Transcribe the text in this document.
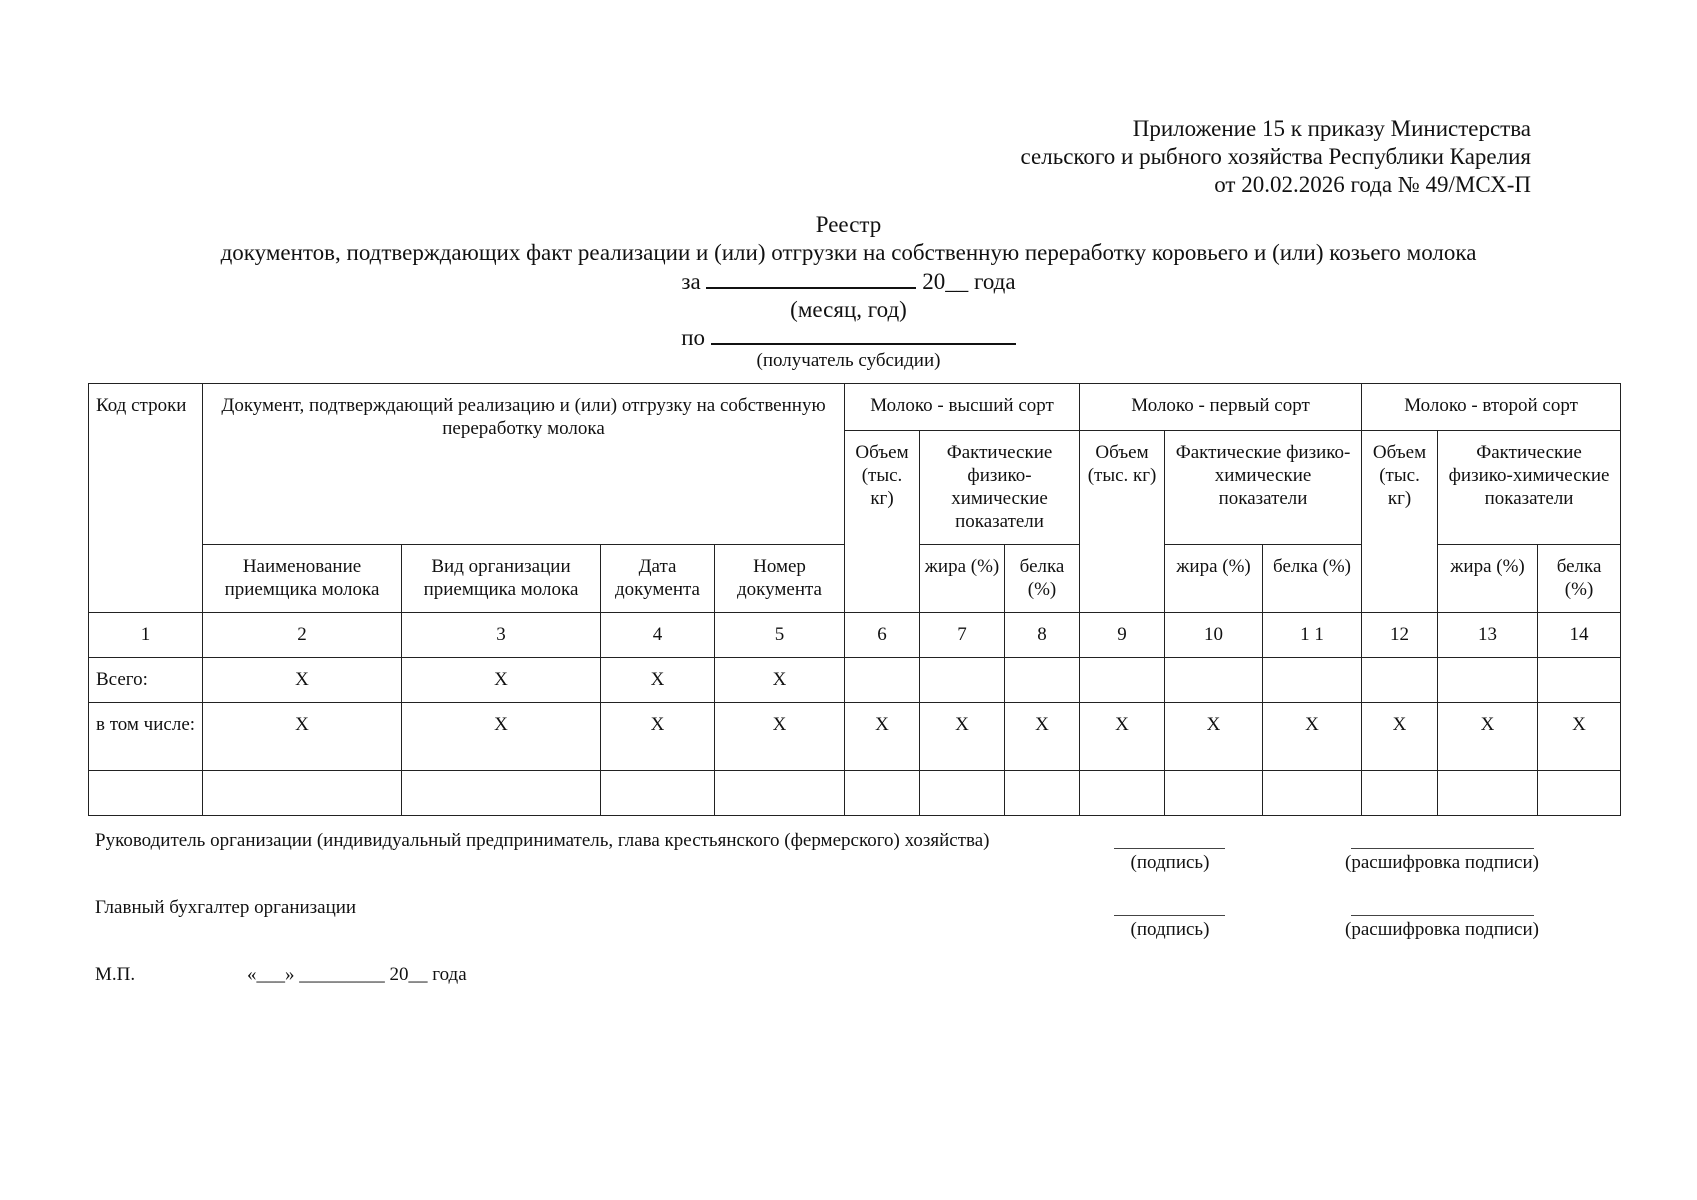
Приложение 15 к приказу Министерства
сельского и рыбного хозяйства Республики Карелия
от 20.02.2026 года № 49/МСХ-П
Реестр
документов, подтверждающих факт реализации и (или) отгрузки на собственную переработку коровьего и (или) козьего молока
за	20__ года
(месяц, год)
по
(получатель субсидии)
Код строки	Документ, подтверждающий реализацию и (или) отгрузку на собственную переработку молока				Молоко - высший сорт			Молоко - первый сорт			Молоко - второй сорт		
					Объем (тыс. кг)	Фактические физико-химические показатели		Объем (тыс. кг)	Фактические физико-химические показатели		Объем (тыс. кг)	Фактические физико-химические показатели	
	Наименование приемщика молока	Вид организации приемщика молока	Дата документа	Номер документа		жира (%)	белка (%)		жира (%)	белка (%)		жира (%)	белка (%)
1	2	3	4	5	6	7	8	9	10	1 1	12	13	14
Всего:	X	X	X	X									
в том числе:	X	X	X	X	X	X	X	X	X	X	X	X	X

Руководитель организации (индивидуальный предприниматель, глава крестьянского (фермерского) хозяйства)
(подпись)	(расшифровка подписи)
Главный бухгалтер организации
(подпись)	(расшифровка подписи)
М.П.	«___» _________ 20__ года
